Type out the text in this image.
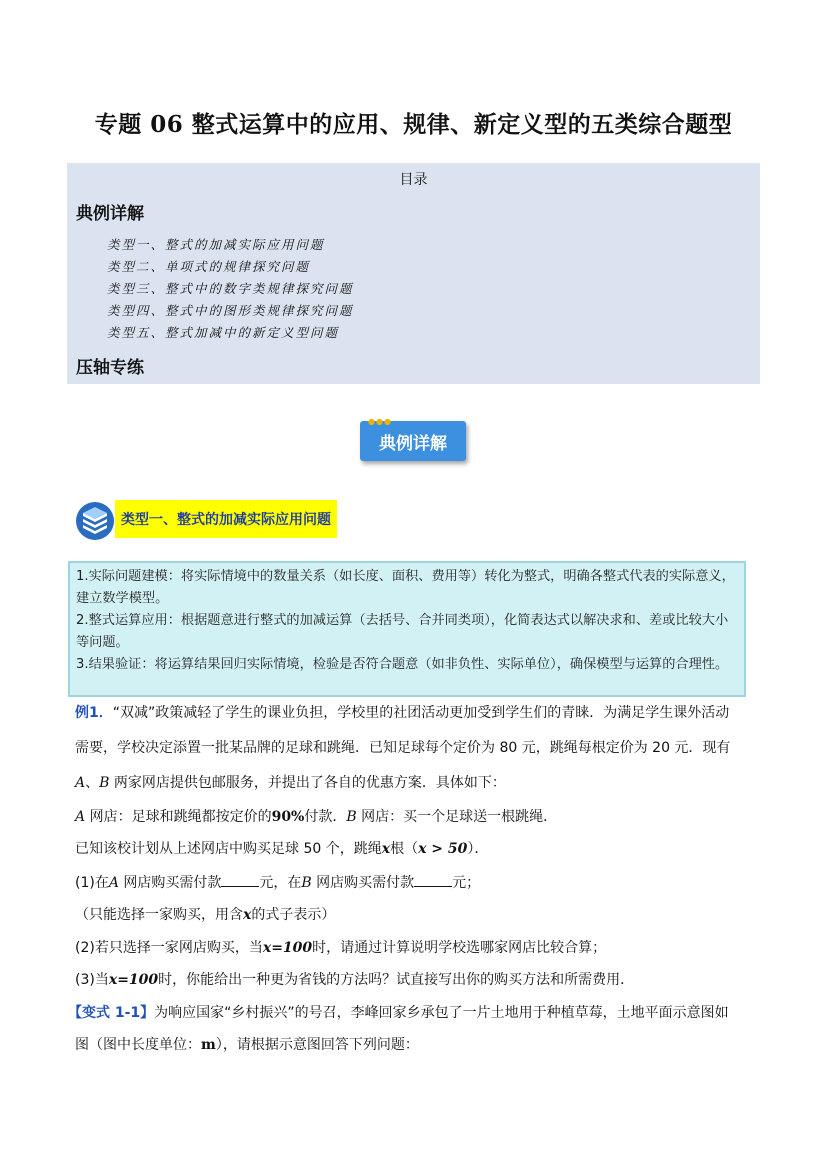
专题 06 整式运算中的应用、规律、新定义型的五类综合题型
目录
典例详解
类型一、整式的加减实际应用问题
类型二、单项式的规律探究问题
类型三、整式中的数字类规律探究问题
类型四、整式中的图形类规律探究问题
类型五、整式加减中的新定义型问题
压轴专练
●●●
典例详解
类型一、整式的加减实际应用问题

1.实际问题建模：将实际情境中的数量关系（如长度、面积、费用等）转化为整式，明确各整式代表的实际意义，建立数学模型。

2.整式运算应用：根据题意进行整式的加减运算（去括号、合并同类项），化简表达式以解决求和、差或比较大小等问题。

3.结果验证：将运算结果回归实际情境，检验是否符合题意（如非负性、实际单位），确保模型与运算的合理性。

例1．“双减”政策减轻了学生的课业负担，学校里的社团活动更加受到学生们的青睐．为满足学生课外活动
需要，学校决定添置一批某品牌的足球和跳绳．已知足球每个定价为 80 元，跳绳每根定价为 20 元．现有
A、B 两家网店提供包邮服务，并提出了各自的优惠方案．具体如下：
A 网店：足球和跳绳都按定价的90%付款．B 网店：买一个足球送一根跳绳．
已知该校计划从上述网店中购买足球 50 个，跳绳x根（x > 50）．
(1)在A 网店购买需付款	元，在B 网店购买需付款	元；
（只能选择一家购买，用含x的式子表示）
(2)若只选择一家网店购买，当x=100时，请通过计算说明学校选哪家网店比较合算；
(3)当x=100时，你能给出一种更为省钱的方法吗？试直接写出你的购买方法和所需费用．
【变式 1-1】为响应国家“乡村振兴”的号召，李峰回家乡承包了一片土地用于种植草莓，土地平面示意图如
图（图中长度单位：m），请根据示意图回答下列问题：
